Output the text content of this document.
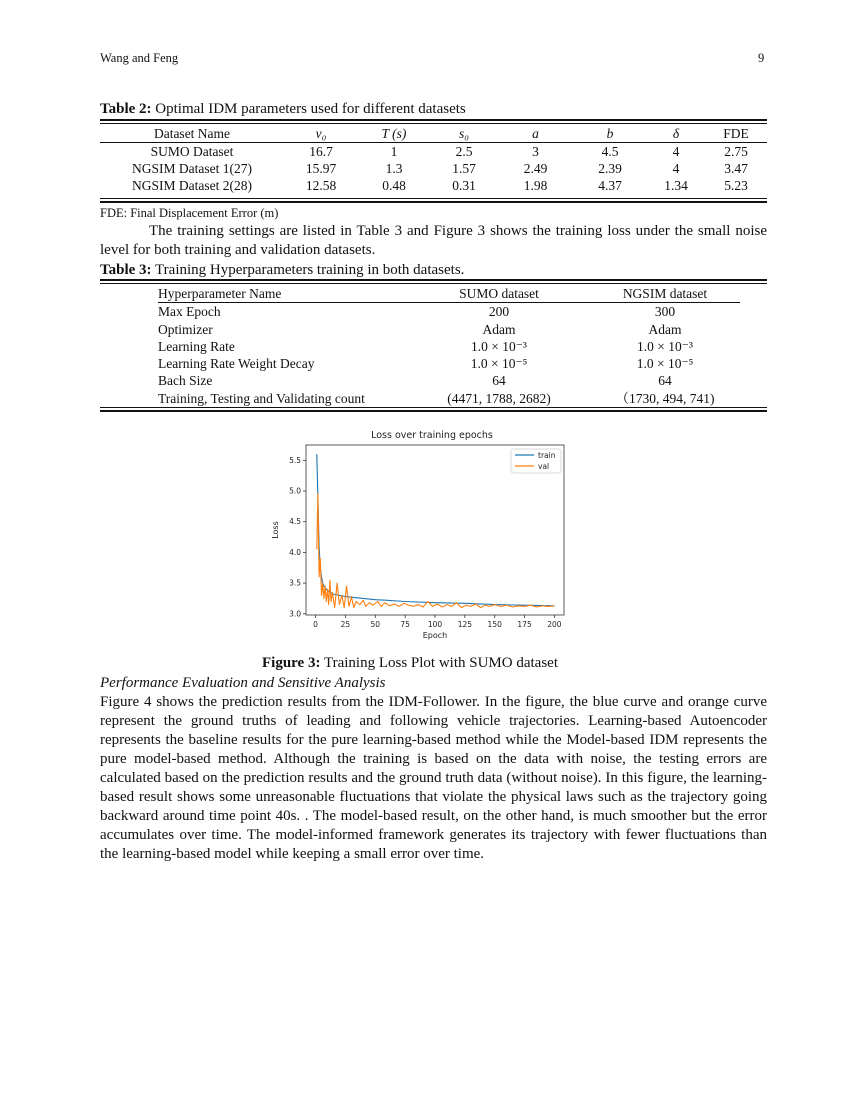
Wang and Feng	9
Table 2: Optimal IDM parameters used for different datasets
Dataset Name	v₀	T (s)	s₀	a	b	δ	FDE
SUMO Dataset	16.7	1	2.5	3	4.5	4	2.75
NGSIM Dataset 1(27)	15.97	1.3	1.57	2.49	2.39	4	3.47
NGSIM Dataset 2(28)	12.58	0.48	0.31	1.98	4.37	1.34	5.23
FDE: Final Displacement Error (m)
The training settings are listed in Table 3 and Figure 3 shows the training loss under the small noise level for both training and validation datasets.
Table 3: Training Hyperparameters training in both datasets.
Hyperparameter Name	SUMO dataset	NGSIM dataset
Max Epoch	200	300
Optimizer	Adam	Adam
Learning Rate	1.0 × 10⁻³	1.0 × 10⁻³
Learning Rate Weight Decay	1.0 × 10⁻⁵	1.0 × 10⁻⁵
Bach Size	64	64
Training, Testing and Validating count	(4471, 1788, 2682)	（1730, 494, 741)
Loss over training epochs
3.0
3.5
4.0
4.5
5.0
5.5
0	25	50	75 100 125 150 175 200
Epoch
Loss
train
val
Figure 3: Training Loss Plot with SUMO dataset
Performance Evaluation and Sensitive Analysis
Figure 4 shows the prediction results from the IDM-Follower. In the figure, the blue curve and orange curve represent the ground truths of leading and following vehicle trajectories. Learning-based Autoencoder represents the baseline results for the pure learning-based method while the Model-based IDM represents the pure model-based method. Although the training is based on the data with noise, the testing errors are calculated based on the prediction results and the ground truth data (without noise). In this figure, the learning-based result shows some unreasonable fluctuations that violate the physical laws such as the trajectory going backward around time point 40s. . The model-based result, on the other hand, is much smoother but the error accumulates over time. The model-informed framework generates its trajectory with fewer fluctuations than the learning-based model while keeping a small error over time.
